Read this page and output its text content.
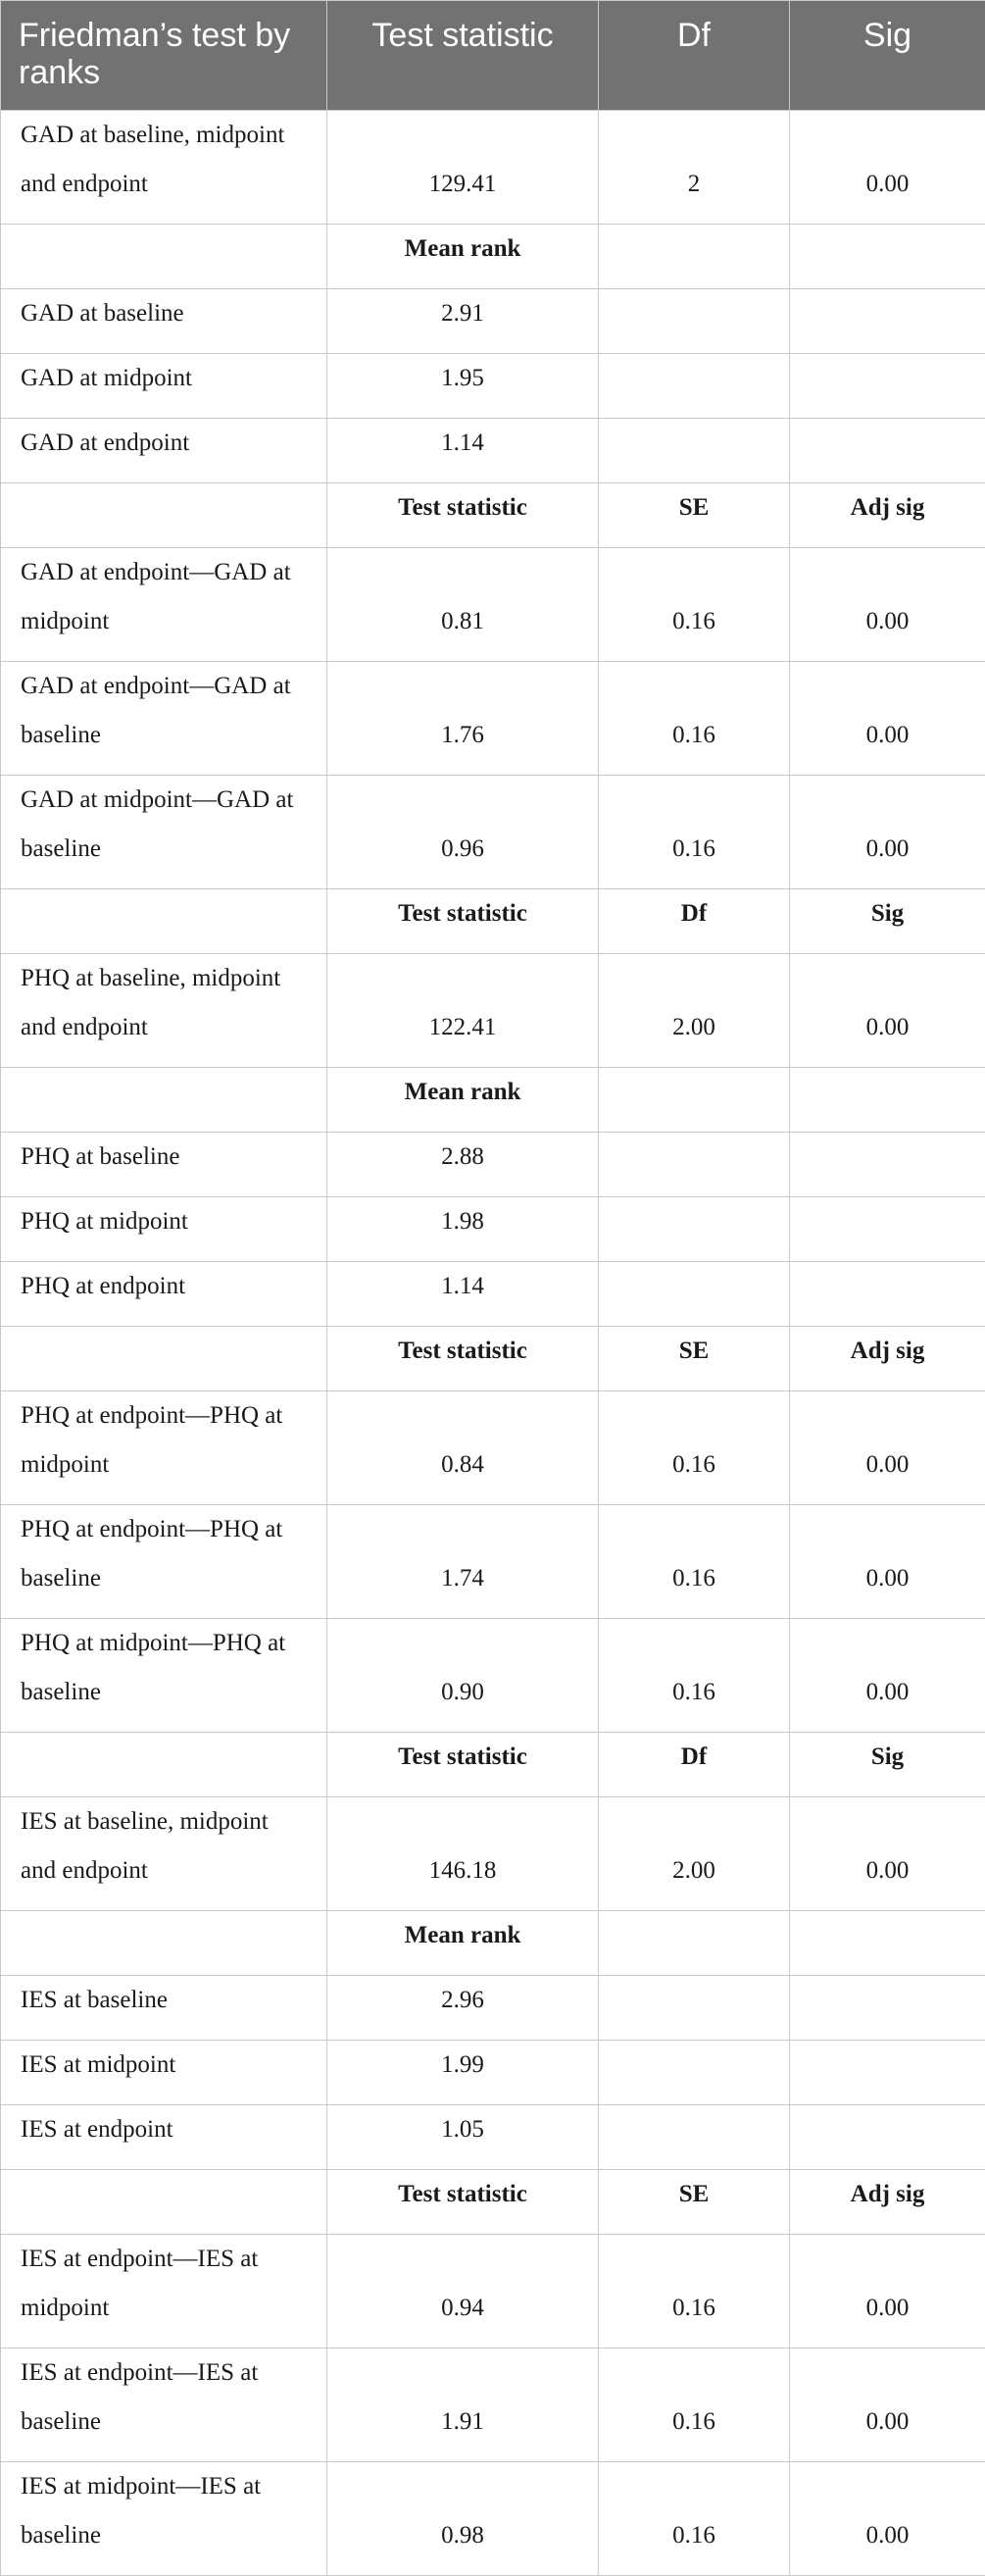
Friedman’s test by ranks	Test statistic	Df	Sig
GAD at baseline, midpoint and endpoint	129.41	2	0.00
	Mean rank		
GAD at baseline	2.91		
GAD at midpoint	1.95		
GAD at endpoint	1.14		
	Test statistic	SE	Adj sig
GAD at endpoint—GAD at midpoint	0.81	0.16	0.00
GAD at endpoint—GAD at baseline	1.76	0.16	0.00
GAD at midpoint—GAD at baseline	0.96	0.16	0.00
	Test statistic	Df	Sig
PHQ at baseline, midpoint and endpoint	122.41	2.00	0.00
	Mean rank		
PHQ at baseline	2.88		
PHQ at midpoint	1.98		
PHQ at endpoint	1.14		
	Test statistic	SE	Adj sig
PHQ at endpoint—PHQ at midpoint	0.84	0.16	0.00
PHQ at endpoint—PHQ at baseline	1.74	0.16	0.00
PHQ at midpoint—PHQ at baseline	0.90	0.16	0.00
	Test statistic	Df	Sig
IES at baseline, midpoint and endpoint	146.18	2.00	0.00
	Mean rank		
IES at baseline	2.96		
IES at midpoint	1.99		
IES at endpoint	1.05		
	Test statistic	SE	Adj sig
IES at endpoint—IES at midpoint	0.94	0.16	0.00
IES at endpoint—IES at baseline	1.91	0.16	0.00
IES at midpoint—IES at baseline	0.98	0.16	0.00
